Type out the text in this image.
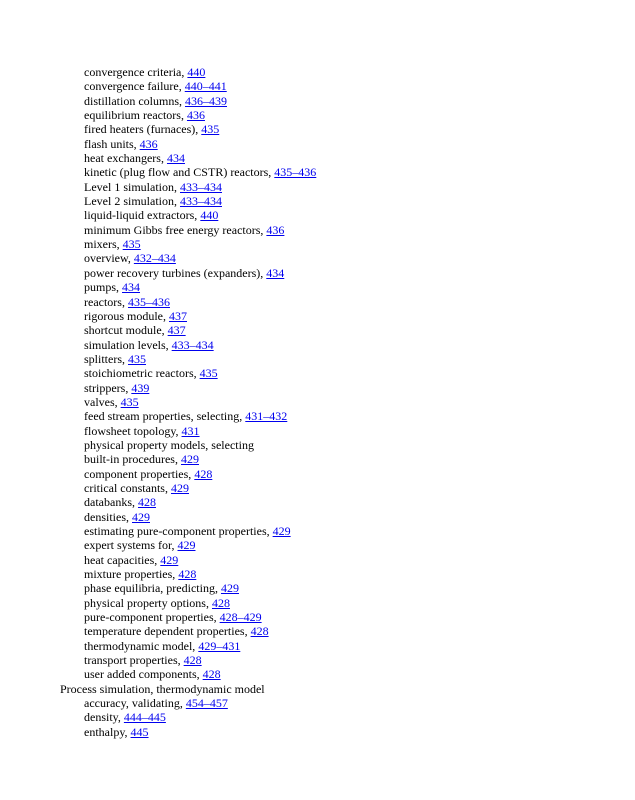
convergence criteria, 440
convergence failure, 440–441
distillation columns, 436–439
equilibrium reactors, 436
fired heaters (furnaces), 435
flash units, 436
heat exchangers, 434
kinetic (plug flow and CSTR) reactors, 435–436
Level 1 simulation, 433–434
Level 2 simulation, 433–434
liquid-liquid extractors, 440
minimum Gibbs free energy reactors, 436
mixers, 435
overview, 432–434
power recovery turbines (expanders), 434
pumps, 434
reactors, 435–436
rigorous module, 437
shortcut module, 437
simulation levels, 433–434
splitters, 435
stoichiometric reactors, 435
strippers, 439
valves, 435
feed stream properties, selecting, 431–432
flowsheet topology, 431
physical property models, selecting
built-in procedures, 429
component properties, 428
critical constants, 429
databanks, 428
densities, 429
estimating pure-component properties, 429
expert systems for, 429
heat capacities, 429
mixture properties, 428
phase equilibria, predicting, 429
physical property options, 428
pure-component properties, 428–429
temperature dependent properties, 428
thermodynamic model, 429–431
transport properties, 428
user added components, 428
Process simulation, thermodynamic model
accuracy, validating, 454–457
density, 444–445
enthalpy, 445
